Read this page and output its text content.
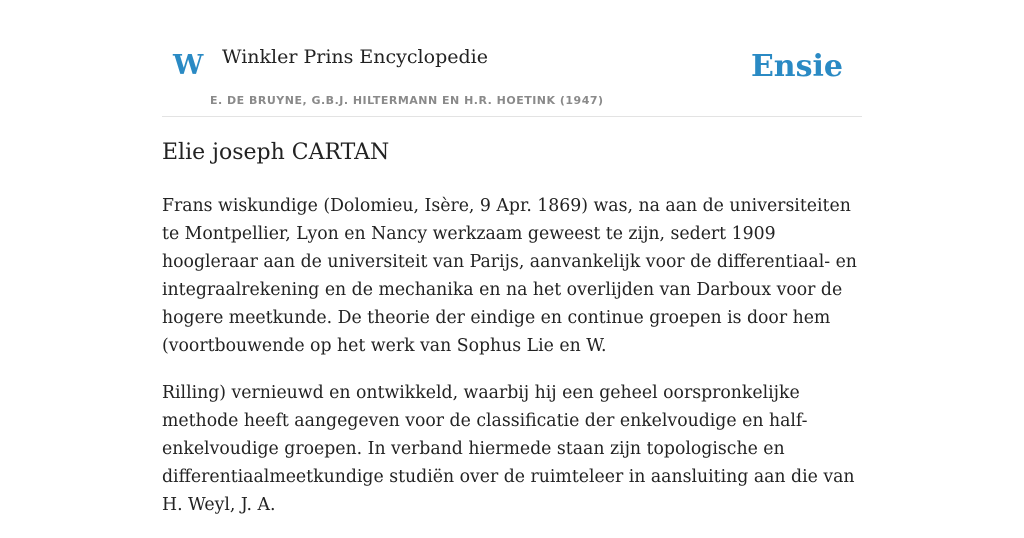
W Winkler Prins Encyclopedie
E. DE BRUYNE, G.B.J. HILTERMANN EN H.R. HOETINK (1947)
Ensie
Elie joseph CARTAN

Frans wiskundige (Dolomieu, Isère, 9 Apr. 1869) was, na aan de universiteiten te Montpellier, Lyon en Nancy werkzaam geweest te zijn, sedert 1909 hoogleraar aan de universiteit van Parijs, aanvankelijk voor de differentiaal- en integraalrekening en de mechanika en na het overlijden van Darboux voor de hogere meetkunde. De theorie der eindige en continue groepen is door hem (voortbouwende op het werk van Sophus Lie en W.

Rilling) vernieuwd en ontwikkeld, waarbij hij een geheel oorspronkelijke methode heeft aangegeven voor de classificatie der enkelvoudige en half-enkelvoudige groepen. In verband hiermede staan zijn topologische en differentiaalmeetkundige studiën over de ruimteleer in aansluiting aan die van H. Weyl, J. A.
